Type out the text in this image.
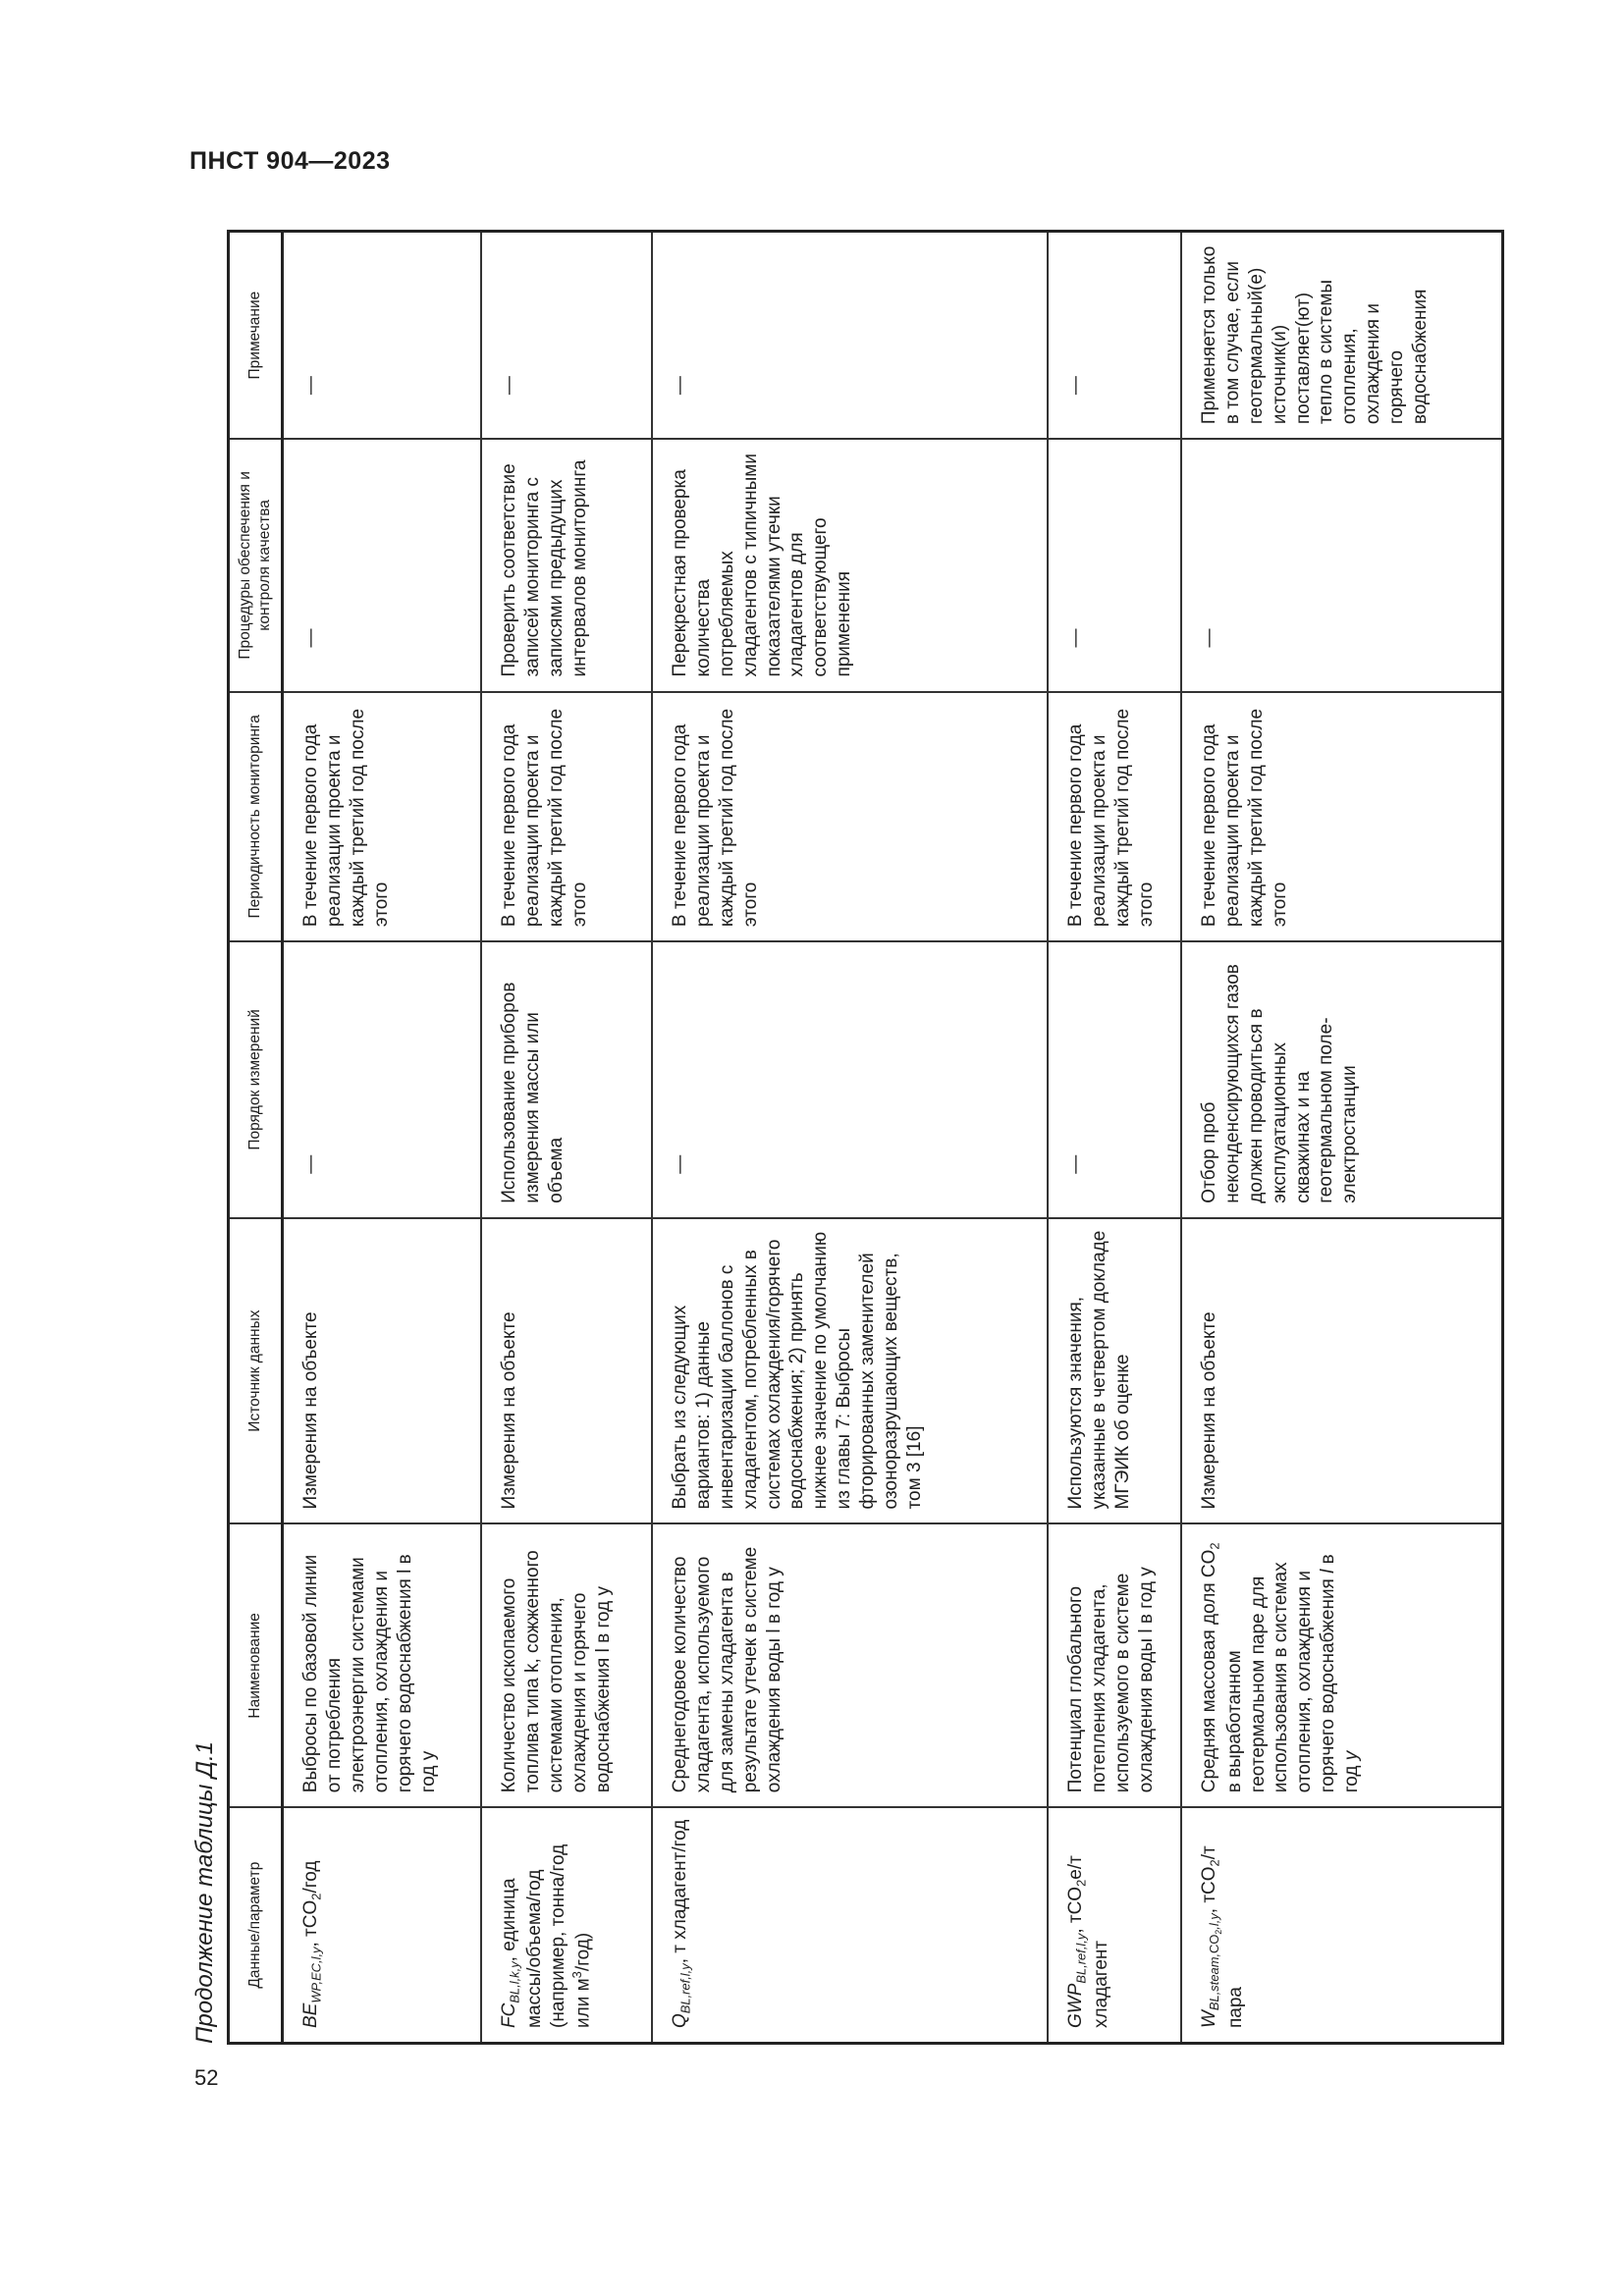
ПНСТ 904—2023
52
Продолжение таблицы Д.1	Данные/параметр	Наименование	Источник данных	Порядок измерений	Периодичность мониторинга	Процедуры обеспечения и контроля качества	Примечание
$BE_{WP,EC,l,y}$, тCO$_2$/год	Выбросы по базовой линии от потребления электроэнергии системами отопления, охлаждения и горячего водоснабжения l в год y	Измерения на объекте	—	В течение первого года реализации проекта и каждый третий год после этого	—	—

$FC_{BL,l,k,y}$, единица массы/объема/год (например, тонна/год или $м^3/год$)	Количество ископаемого топлива типа k, сожженного системами отопления, охлаждения и горячего водоснабжения l в год y	Измерения на объекте	Использование приборов измерения массы или объема	В течение первого года реализации проекта и каждый третий год после этого	Проверить соответствие записей мониторинга с записями предыдущих интервалов мониторинга	—

$Q_{BL,ref,l,y}$, т хладагент/год	Среднегодовое количество хладагента, используемого для замены хладагента в результате утечек в системе охлаждения воды l в год y	Выбрать из следующих вариантов: 1) данные инвентаризации баллонов с хладагентом, потребленных в системах охлаждения/горячего водоснабжения; 2) принять нижнее значение по умолчанию из главы 7: Выбросы фторированных заменителей озоноразрушающих веществ, том 3 [16]	—	В течение первого года реализации проекта и каждый третий год после этого	Перекрестная проверка количества потребляемых хладагентов с типичными показателями утечки хладагентов для соответствующего применения	—

$GWP_{BL,ref,l,y}$, тCO$_2$e/т хладагент	Потенциал глобального потепления хладагента, используемого в системе охлаждения воды l в год y	Используются значения, указанные в четвертом докладе МГЭИК об оценке	—	В течение первого года реализации проекта и каждый третий год после этого	—	—

$W_{BL,steam,CO_2,l,y}$, тCO$_2$/т пара	Средняя массовая доля $CO_2$ в выработанном геотермальном паре для использования в системах отопления, охлаждения и горячего водоснабжения l в год y	Измерения на объекте	Отбор проб неконденсирующихся газов должен проводиться в эксплуатационных скважинах и на геотермальном поле-электростанции	В течение первого года реализации проекта и каждый третий год после этого	—	Применяется только в том случае, если геотермальный(е) источник(и) поставляет(ют) тепло в системы отопления, охлаждения и горячего водоснабжения
